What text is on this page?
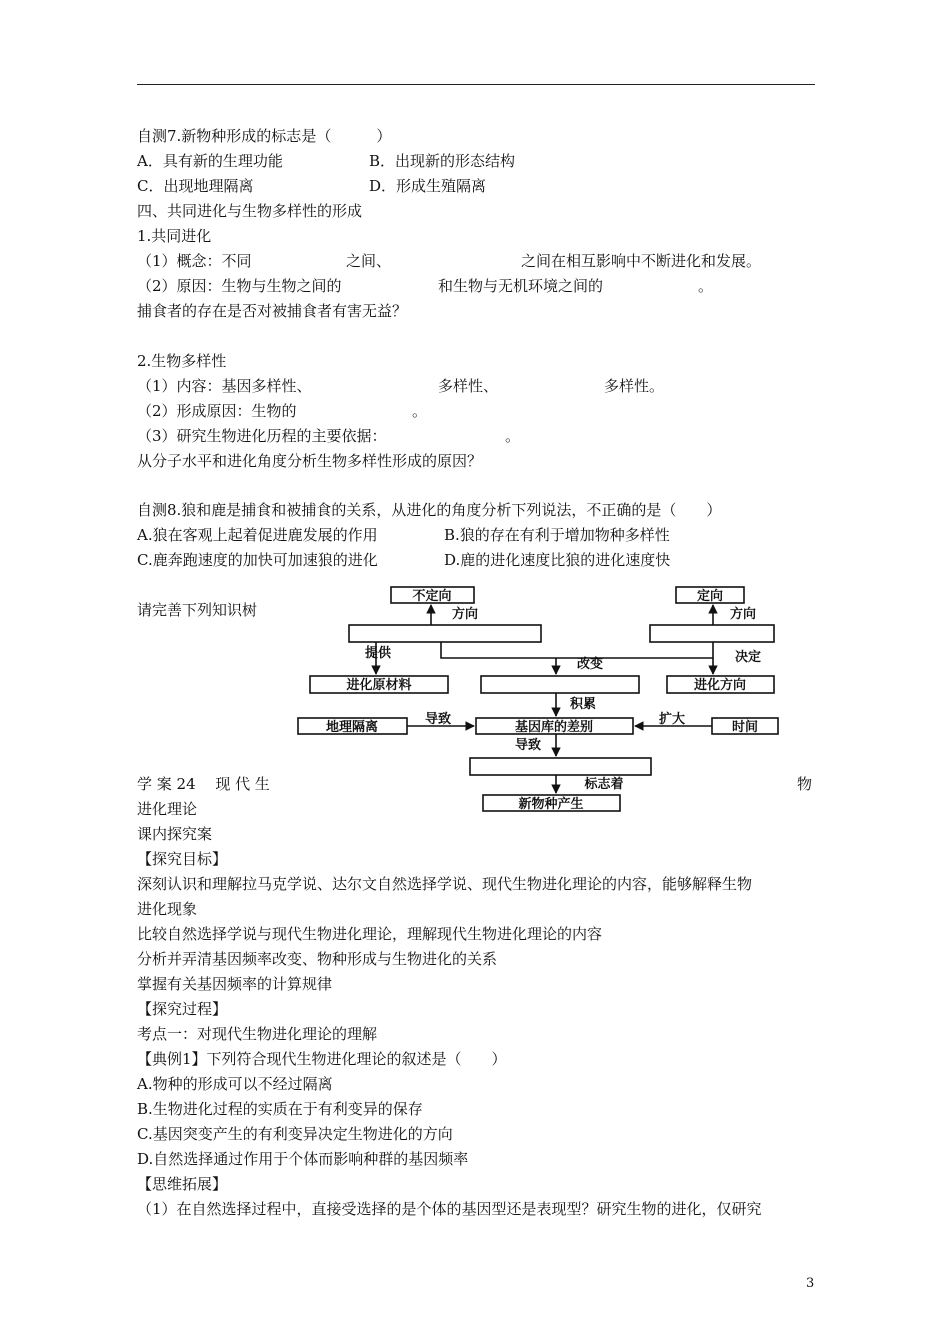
自测7.新物种形成的标志是（　　　）
A．具有新的生理功能	B．出现新的形态结构
C．出现地理隔离	D．形成生殖隔离
四、共同进化与生物多样性的形成
1.共同进化
（1）概念：不同	之间、	之间在相互影响中不断进化和发展。
（2）原因：生物与生物之间的	和生物与无机环境之间的	。
捕食者的存在是否对被捕食者有害无益？
2.生物多样性
（1）内容：基因多样性、	多样性、	多样性。
（2）形成原因：生物的	。
（3）研究生物进化历程的主要依据：	。
从分子水平和进化角度分析生物多样性形成的原因？
自测8.狼和鹿是捕食和被捕食的关系，从进化的角度分析下列说法，不正确的是（　　）
A.狼在客观上起着促进鹿发展的作用	B.狼的存在有利于增加物种多样性
C.鹿奔跑速度的加快可加速狼的进化	D.鹿的进化速度比狼的进化速度快
请完善下列知识树
不定向	定向
方向	方向
提供
改变	决定
进化原材料	进化方向
积累
地理隔离
导致
基因库的差别
扩大
时间
导致
标志着
新物种产生
学 案 24　 现 代 生	物
进化理论
课内探究案
【探究目标】
深刻认识和理解拉马克学说、达尔文自然选择学说、现代生物进化理论的内容，能够解释生物
进化现象
比较自然选择学说与现代生物进化理论，理解现代生物进化理论的内容
分析并弄清基因频率改变、物种形成与生物进化的关系
掌握有关基因频率的计算规律
【探究过程】
考点一：对现代生物进化理论的理解
【典例1】下列符合现代生物进化理论的叙述是（　　）
A.物种的形成可以不经过隔离
B.生物进化过程的实质在于有利变异的保存
C.基因突变产生的有利变异决定生物进化的方向
D.自然选择通过作用于个体而影响种群的基因频率
【思维拓展】
（1）在自然选择过程中，直接受选择的是个体的基因型还是表现型？研究生物的进化，仅研究
3
